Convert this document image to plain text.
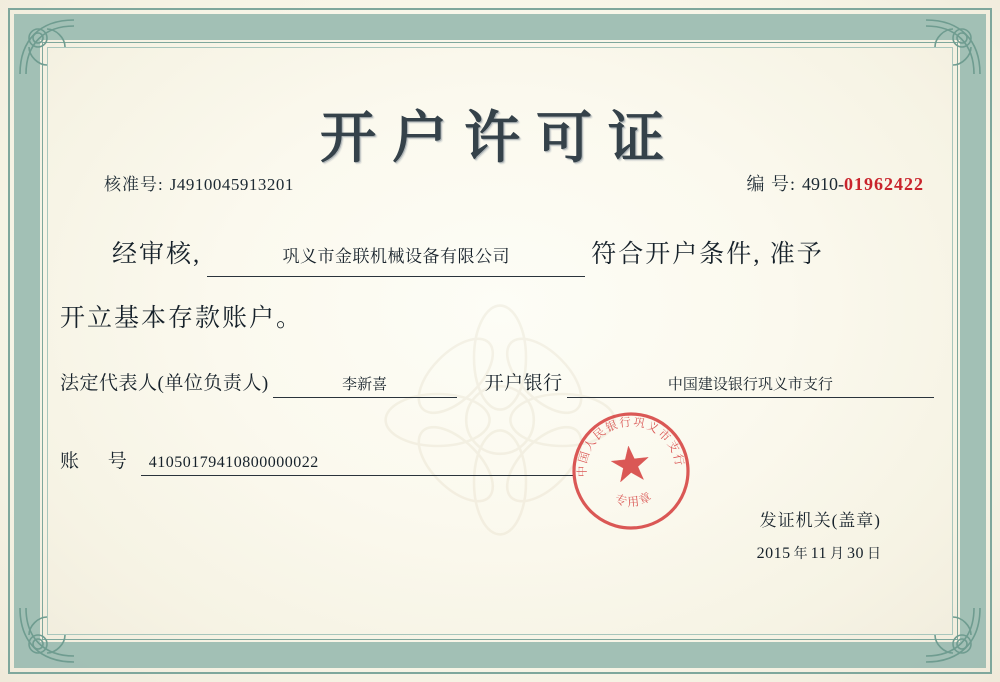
开户许可证
核准号: J4910045913201	编 号: 4910-01962422
经审核,	巩义市金联机械设备有限公司	符合开户条件, 准予
开立基本存款账户。
法定代表人(单位负责人)	李新喜	开户银行	中国建设银行巩义市支行
账 号 41050179410800000022
发证机关(盖章)
2015 年 11 月 30 日
中国人民银行巩义市支行
专用章
